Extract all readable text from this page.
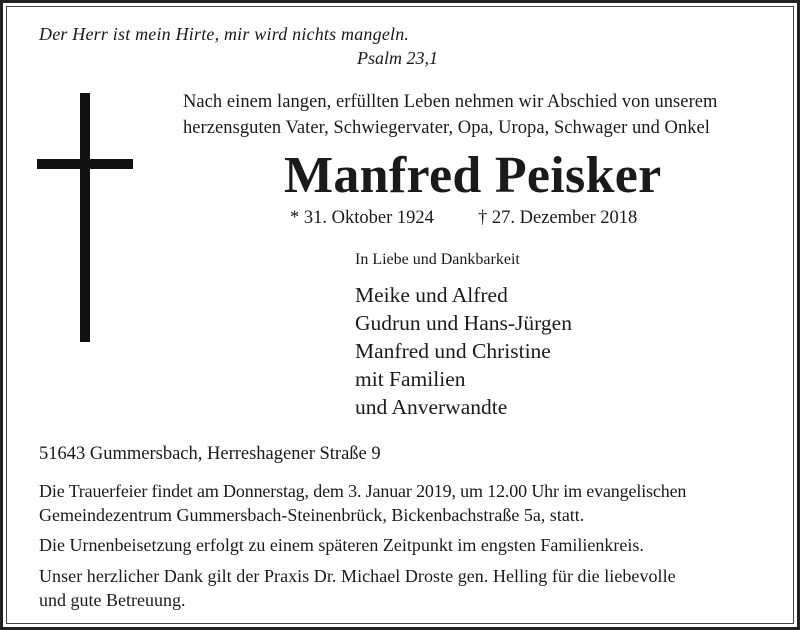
Der Herr ist mein Hirte, mir wird nichts mangeln.
Psalm 23,1
Nach einem langen, erfüllten Leben nehmen wir Abschied von unserem
herzensguten Vater, Schwiegervater, Opa, Uropa, Schwager und Onkel
Manfred Peisker
* 31. Oktober 1924 † 27. Dezember 2018
In Liebe und Dankbarkeit
Meike und Alfred
Gudrun und Hans-Jürgen
Manfred und Christine
mit Familien
und Anverwandte
51643 Gummersbach, Herreshagener Straße 9
Die Trauerfeier findet am Donnerstag, dem 3. Januar 2019, um 12.00 Uhr im evangelischen
Gemeindezentrum Gummersbach-Steinenbrück, Bickenbachstraße 5a, statt.
Die Urnenbeisetzung erfolgt zu einem späteren Zeitpunkt im engsten Familienkreis.
Unser herzlicher Dank gilt der Praxis Dr. Michael Droste gen. Helling für die liebevolle
und gute Betreuung.
